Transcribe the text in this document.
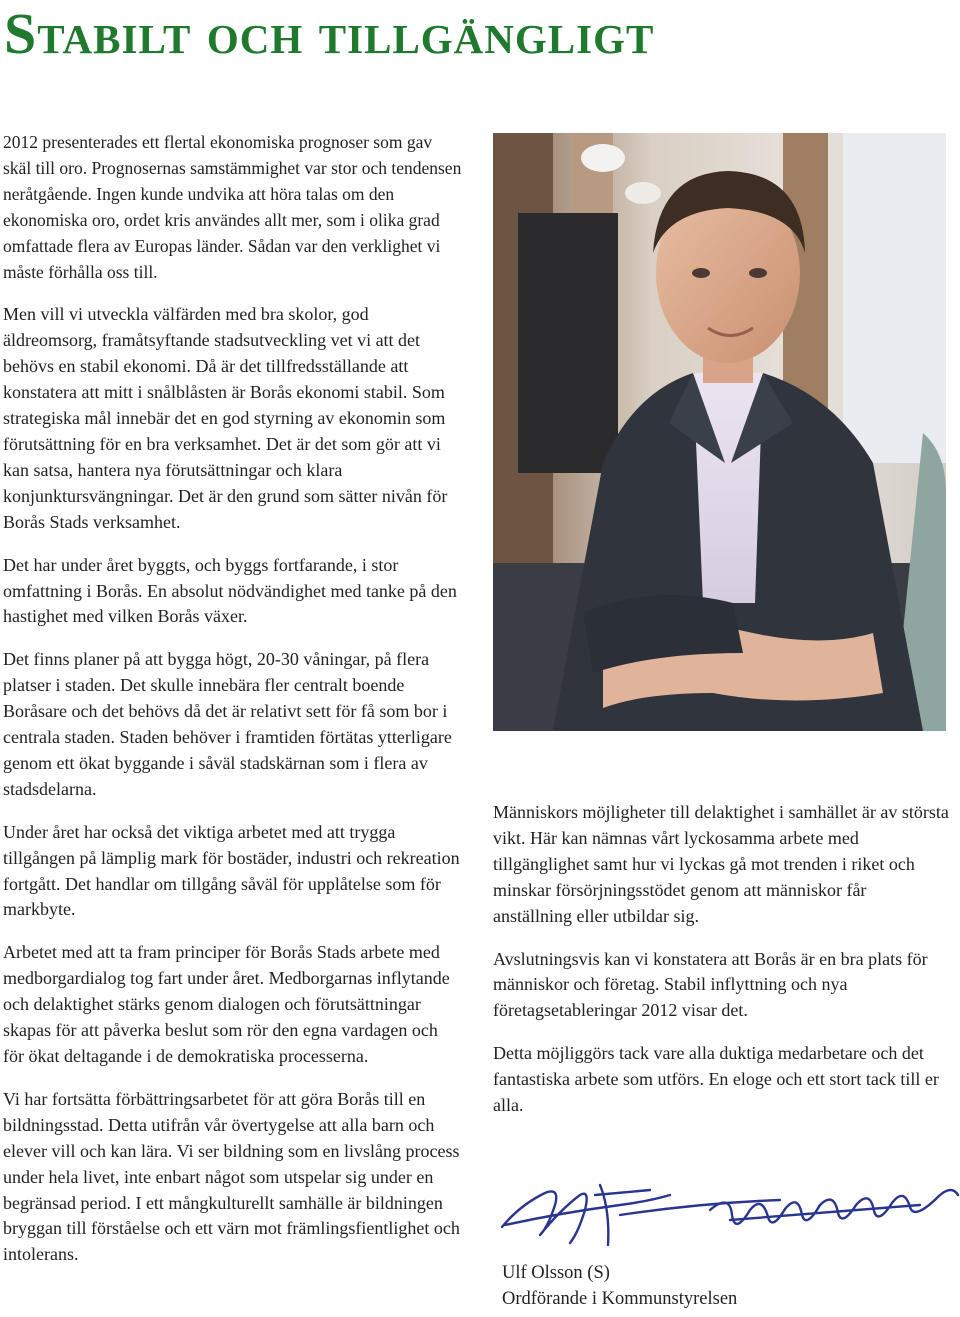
Stabilt och tillgängligt

2012 presenterades ett flertal ekonomiska prognoser som gav skäl till oro. Prognosernas samstämmighet var stor och tendensen neråtgående. Ingen kunde undvika att höra talas om den ekonomiska oro, ordet kris användes allt mer, som i olika grad omfattade flera av Europas länder. Sådan var den verklighet vi måste förhålla oss till.

Men vill vi utveckla välfärden med bra skolor, god äldreomsorg, framåtsyftande stadsutveckling vet vi att det behövs en stabil ekonomi. Då är det tillfredsställande att konstatera att mitt i snålblåsten är Borås ekonomi stabil. Som strategiska mål innebär det en god styrning av ekonomin som förutsättning för en bra verksamhet. Det är det som gör att vi kan satsa, hantera nya förutsättningar och klara konjunktursvängningar. Det är den grund som sätter nivån för Borås Stads verksamhet.

Det har under året byggts, och byggs fortfarande, i stor omfattning i Borås. En absolut nödvändighet med tanke på den hastighet med vilken Borås växer.

Det finns planer på att bygga högt, 20-30 våningar, på flera platser i staden. Det skulle innebära fler centralt boende Boråsare och det behövs då det är relativt sett för få som bor i centrala staden. Staden behöver i framtiden förtätas ytterligare genom ett ökat byggande i såväl stadskärnan som i flera av stadsdelarna.

Under året har också det viktiga arbetet med att trygga tillgången på lämplig mark för bostäder, industri och rekreation fortgått. Det handlar om tillgång såväl för upplåtelse som för markbyte.

Arbetet med att ta fram principer för Borås Stads arbete med medborgardialog tog fart under året. Medborgarnas inflytande och delaktighet stärks genom dialogen och förutsättningar skapas för att påverka beslut som rör den egna vardagen och för ökat deltagande i de demokratiska processerna.

Vi har fortsätta förbättringsarbetet för att göra Borås till en bildningsstad. Detta utifrån vår övertygelse att alla barn och elever vill och kan lära. Vi ser bildning som en livslång process under hela livet, inte enbart något som utspelar sig under en begränsad period. I ett mångkulturellt samhälle är bildningen bryggan till förståelse och ett värn mot främlingsfientlighet och intolerans.

Människors möjligheter till delaktighet i samhället är av största vikt. Här kan nämnas vårt lyckosamma arbete med tillgänglighet samt hur vi lyckas gå mot trenden i riket och minskar försörjningsstödet genom att människor får anställning eller utbildar sig.

Avslutningsvis kan vi konstatera att Borås är en bra plats för människor och företag. Stabil inflyttning och nya företagsetableringar 2012 visar det.

Detta möjliggörs tack vare alla duktiga medarbetare och det fantastiska arbete som utförs. En eloge och ett stort tack till er alla.

Ulf Olsson (S)
Ordförande i Kommunstyrelsen
